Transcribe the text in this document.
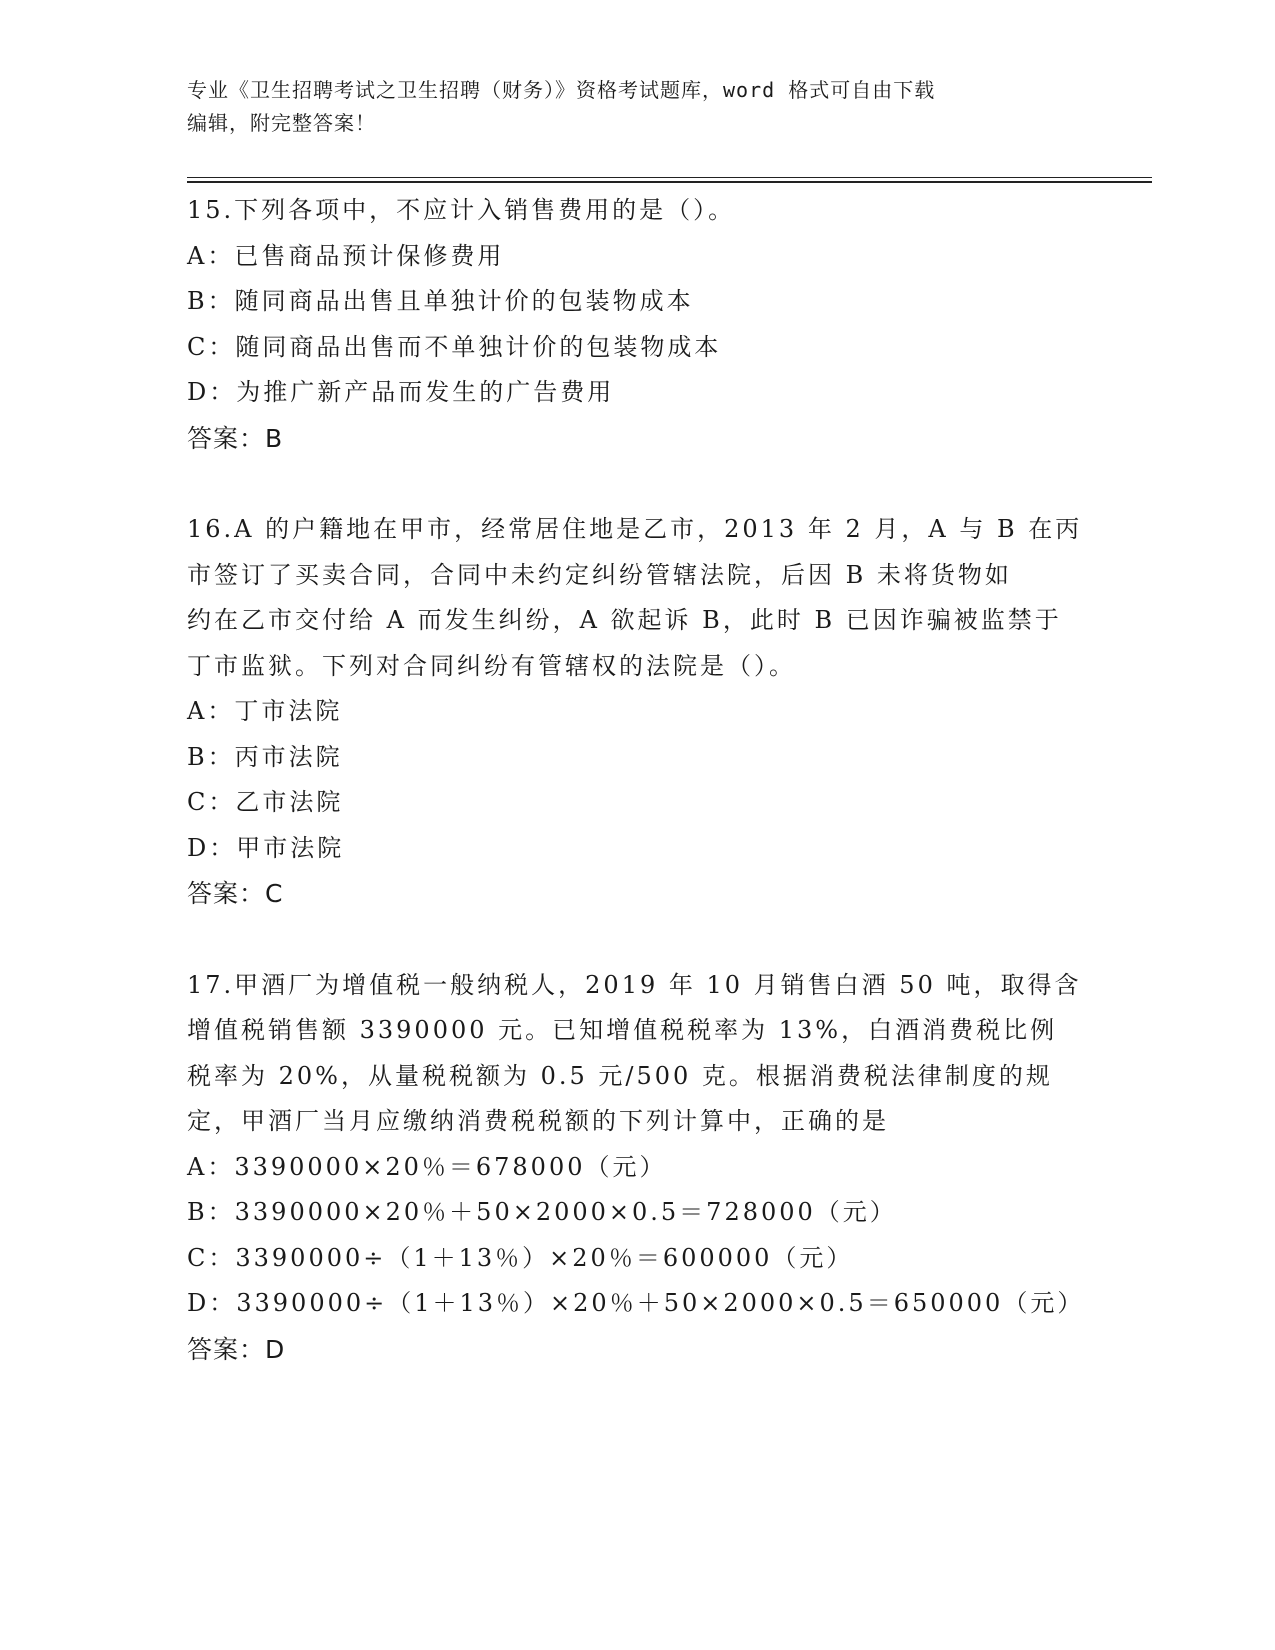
专业《卫生招聘考试之卫生招聘（财务）》资格考试题库，word 格式可自由下载
编辑，附完整答案！
15.下列各项中，不应计入销售费用的是（）。
A：已售商品预计保修费用
B：随同商品出售且单独计价的包装物成本
C：随同商品出售而不单独计价的包装物成本
D：为推广新产品而发生的广告费用
答案：B
16.A 的户籍地在甲市，经常居住地是乙市，2013 年 2 月，A 与 B 在丙
市签订了买卖合同，合同中未约定纠纷管辖法院，后因 B 未将货物如
约在乙市交付给 A 而发生纠纷，A 欲起诉 B，此时 B 已因诈骗被监禁于
丁市监狱。下列对合同纠纷有管辖权的法院是（）。
A：丁市法院
B：丙市法院
C：乙市法院
D：甲市法院
答案：C
17.甲酒厂为增值税一般纳税人，2019 年 10 月销售白酒 50 吨，取得含
增值税销售额 3390000 元。已知增值税税率为 13%，白酒消费税比例
税率为 20%，从量税税额为 0.5 元/500 克。根据消费税法律制度的规
定，甲酒厂当月应缴纳消费税税额的下列计算中，正确的是
A：3390000×20％＝678000（元）
B：3390000×20％＋50×2000×0.5＝728000（元）
C：3390000÷（1＋13％）×20％＝600000（元）
D：3390000÷（1＋13％）×20％＋50×2000×0.5＝650000（元）
答案：D
